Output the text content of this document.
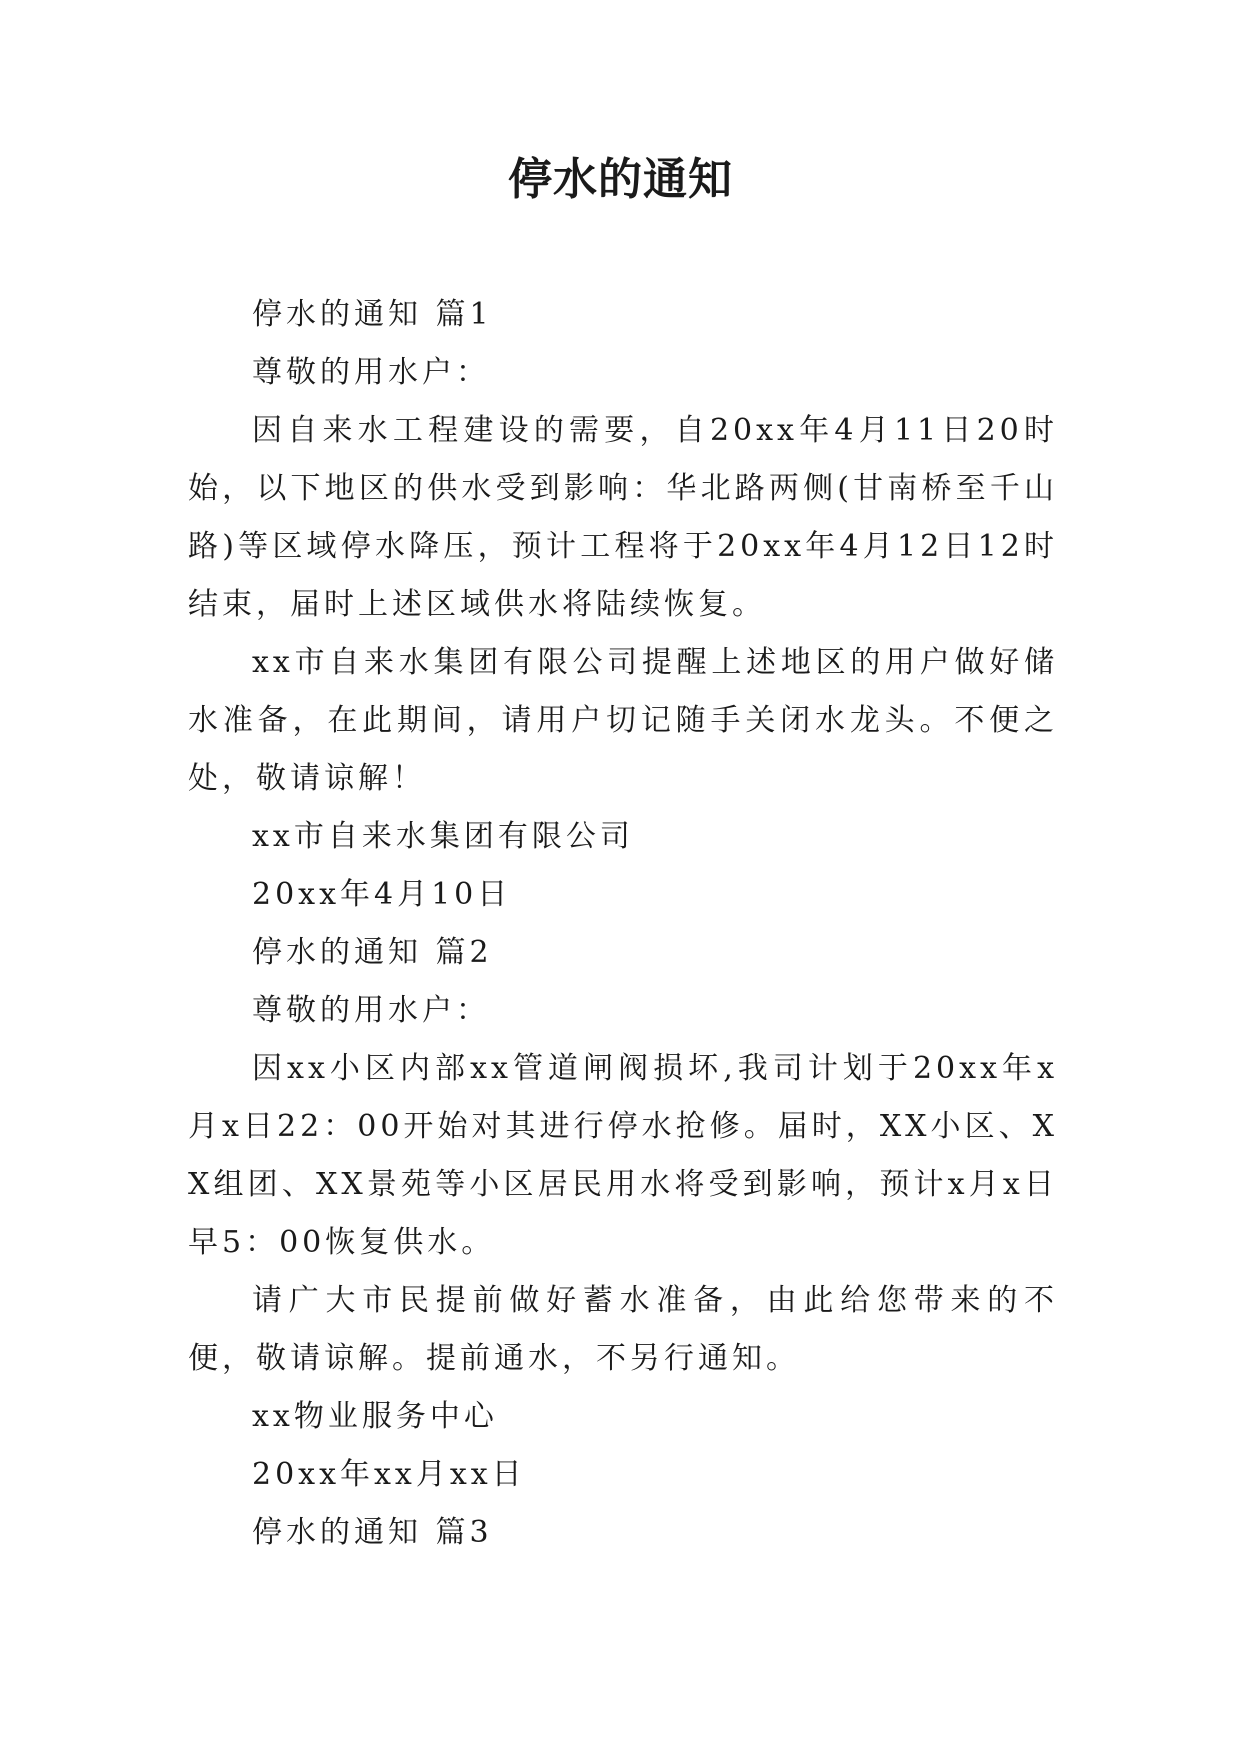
停水的通知

停水的通知 篇1

尊敬的用水户：

因自来水工程建设的需要，自20xx年4月11日20时始，以下地区的供水受到影响：华北路两侧(甘南桥至千山路)等区域停水降压，预计工程将于20xx年4月12日12时结束，届时上述区域供水将陆续恢复。

xx市自来水集团有限公司提醒上述地区的用户做好储水准备，在此期间，请用户切记随手关闭水龙头。不便之处，敬请谅解！

xx市自来水集团有限公司

20xx年4月10日

停水的通知 篇2

尊敬的用水户：

因xx小区内部xx管道闸阀损坏,我司计划于20xx年x月x日22：00开始对其进行停水抢修。届时，XX小区、XX组团、XX景苑等小区居民用水将受到影响，预计x月x日早5：00恢复供水。

请广大市民提前做好蓄水准备，由此给您带来的不便，敬请谅解。提前通水，不另行通知。

xx物业服务中心

20xx年xx月xx日

停水的通知 篇3
